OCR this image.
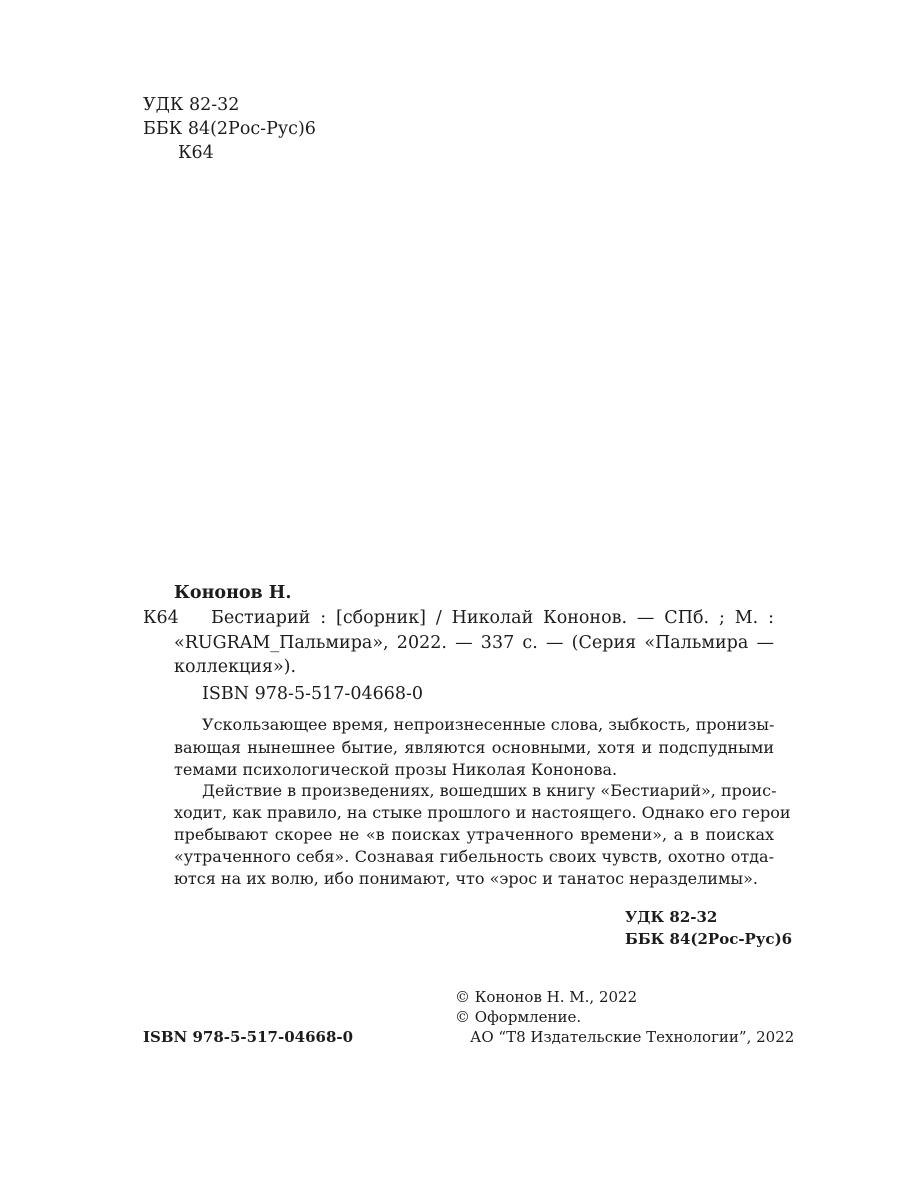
УДК 82-32
ББК 84(2Рос-Рус)6
К64
Кононов Н.
К64 Бестиарий : [сборник] / Николай Кононов. — СПб. ; М. :
«RUGRAM_Пальмира», 2022. — 337 с. — (Серия «Пальмира —
коллекция»).
ISBN 978-5-517-04668-0
Ускользающее время, непроизнесенные слова, зыбкость, пронизы-
вающая нынешнее бытие, являются основными, хотя и подспудными
темами психологической прозы Николая Кононова.
Действие в произведениях, вошедших в книгу «Бестиарий», проис-
ходит, как правило, на стыке прошлого и настоящего. Однако его герои
пребывают скорее не «в поисках утраченного времени», а в поисках
«утраченного себя». Сознавая гибельность своих чувств, охотно отда-
ются на их волю, ибо понимают, что «эрос и танатос неразделимы».
УДК 82-32
ББК 84(2Рос-Рус)6
© Кононов Н. М., 2022
© Оформление.
АО “Т8 Издательские Технологии”, 2022
ISBN 978-5-517-04668-0
